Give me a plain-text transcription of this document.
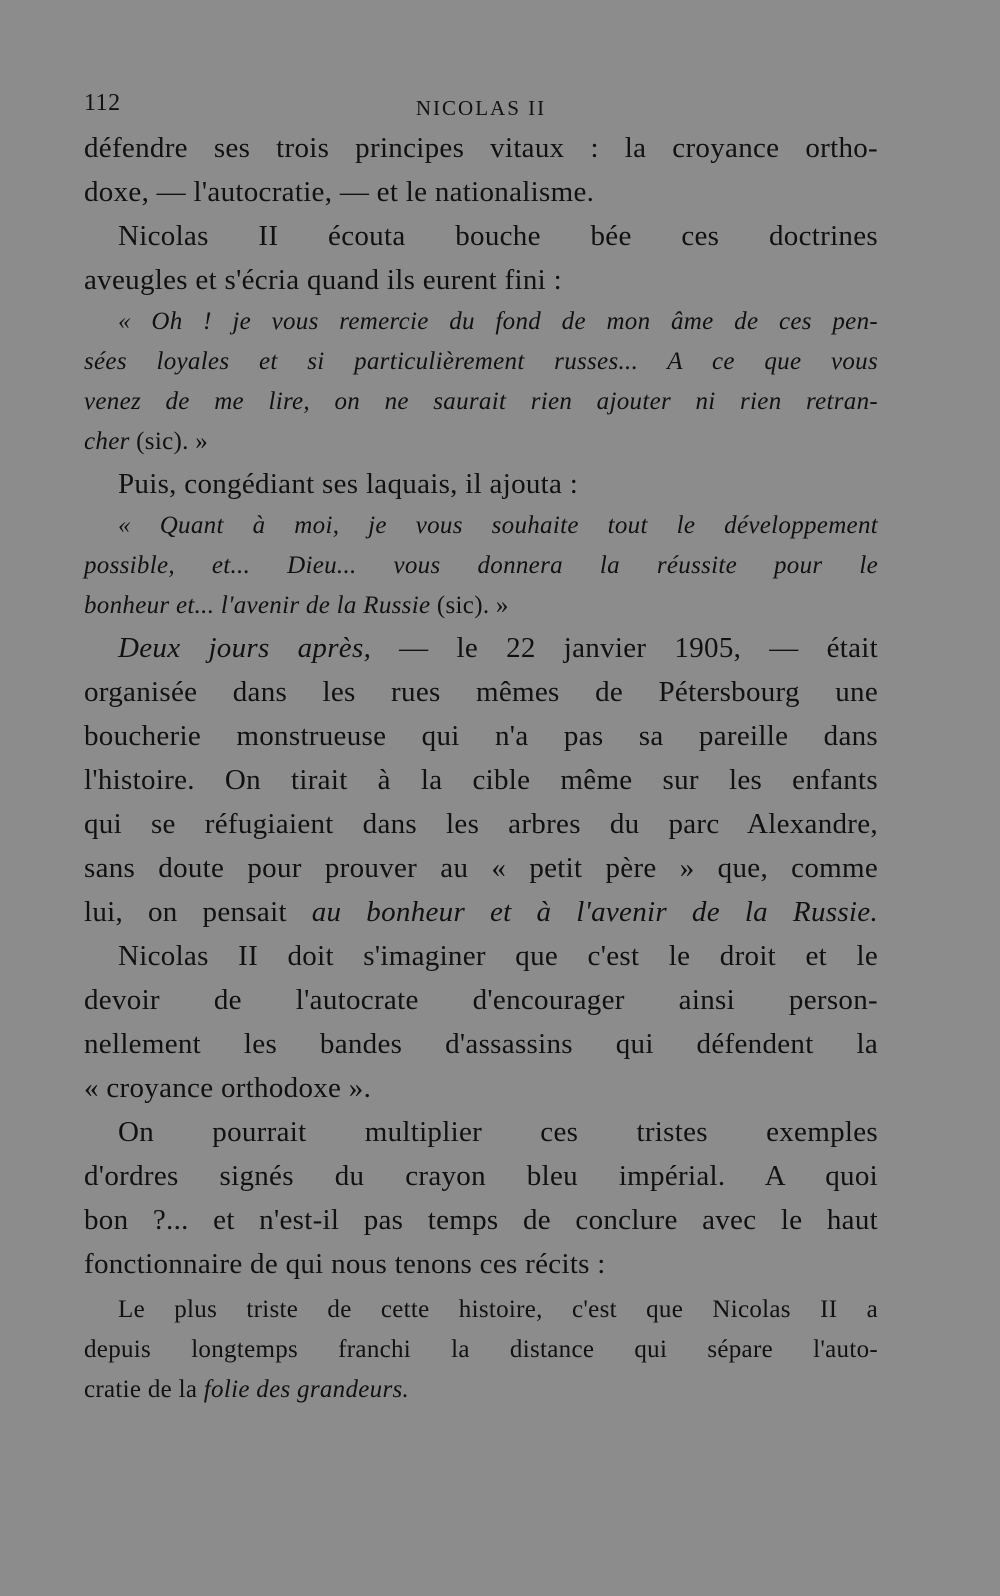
112	NICOLAS II
défendre ses trois principes vitaux : la croyance ortho-
doxe, — l'autocratie, — et le nationalisme.
Nicolas II écouta bouche bée ces doctrines
aveugles et s'écria quand ils eurent fini :
« Oh ! je vous remercie du fond de mon âme de ces pen-
sées loyales et si particulièrement russes... A ce que vous
venez de me lire, on ne saurait rien ajouter ni rien retran-
cher (sic). »
Puis, congédiant ses laquais, il ajouta :
« Quant à moi, je vous souhaite tout le développement
possible, et... Dieu... vous donnera la réussite pour le
bonheur et... l'avenir de la Russie (sic). »
Deux jours après, — le 22 janvier 1905, — était
organisée dans les rues mêmes de Pétersbourg une
boucherie monstrueuse qui n'a pas sa pareille dans
l'histoire. On tirait à la cible même sur les enfants
qui se réfugiaient dans les arbres du parc Alexandre,
sans doute pour prouver au « petit père » que, comme
lui, on pensait au bonheur et à l'avenir de la Russie.
Nicolas II doit s'imaginer que c'est le droit et le
devoir de l'autocrate d'encourager ainsi person-
nellement les bandes d'assassins qui défendent la
« croyance orthodoxe ».
On pourrait multiplier ces tristes exemples
d'ordres signés du crayon bleu impérial. A quoi
bon ?... et n'est-il pas temps de conclure avec le haut
fonctionnaire de qui nous tenons ces récits :
Le plus triste de cette histoire, c'est que Nicolas II a
depuis longtemps franchi la distance qui sépare l'auto-
cratie de la folie des grandeurs.
